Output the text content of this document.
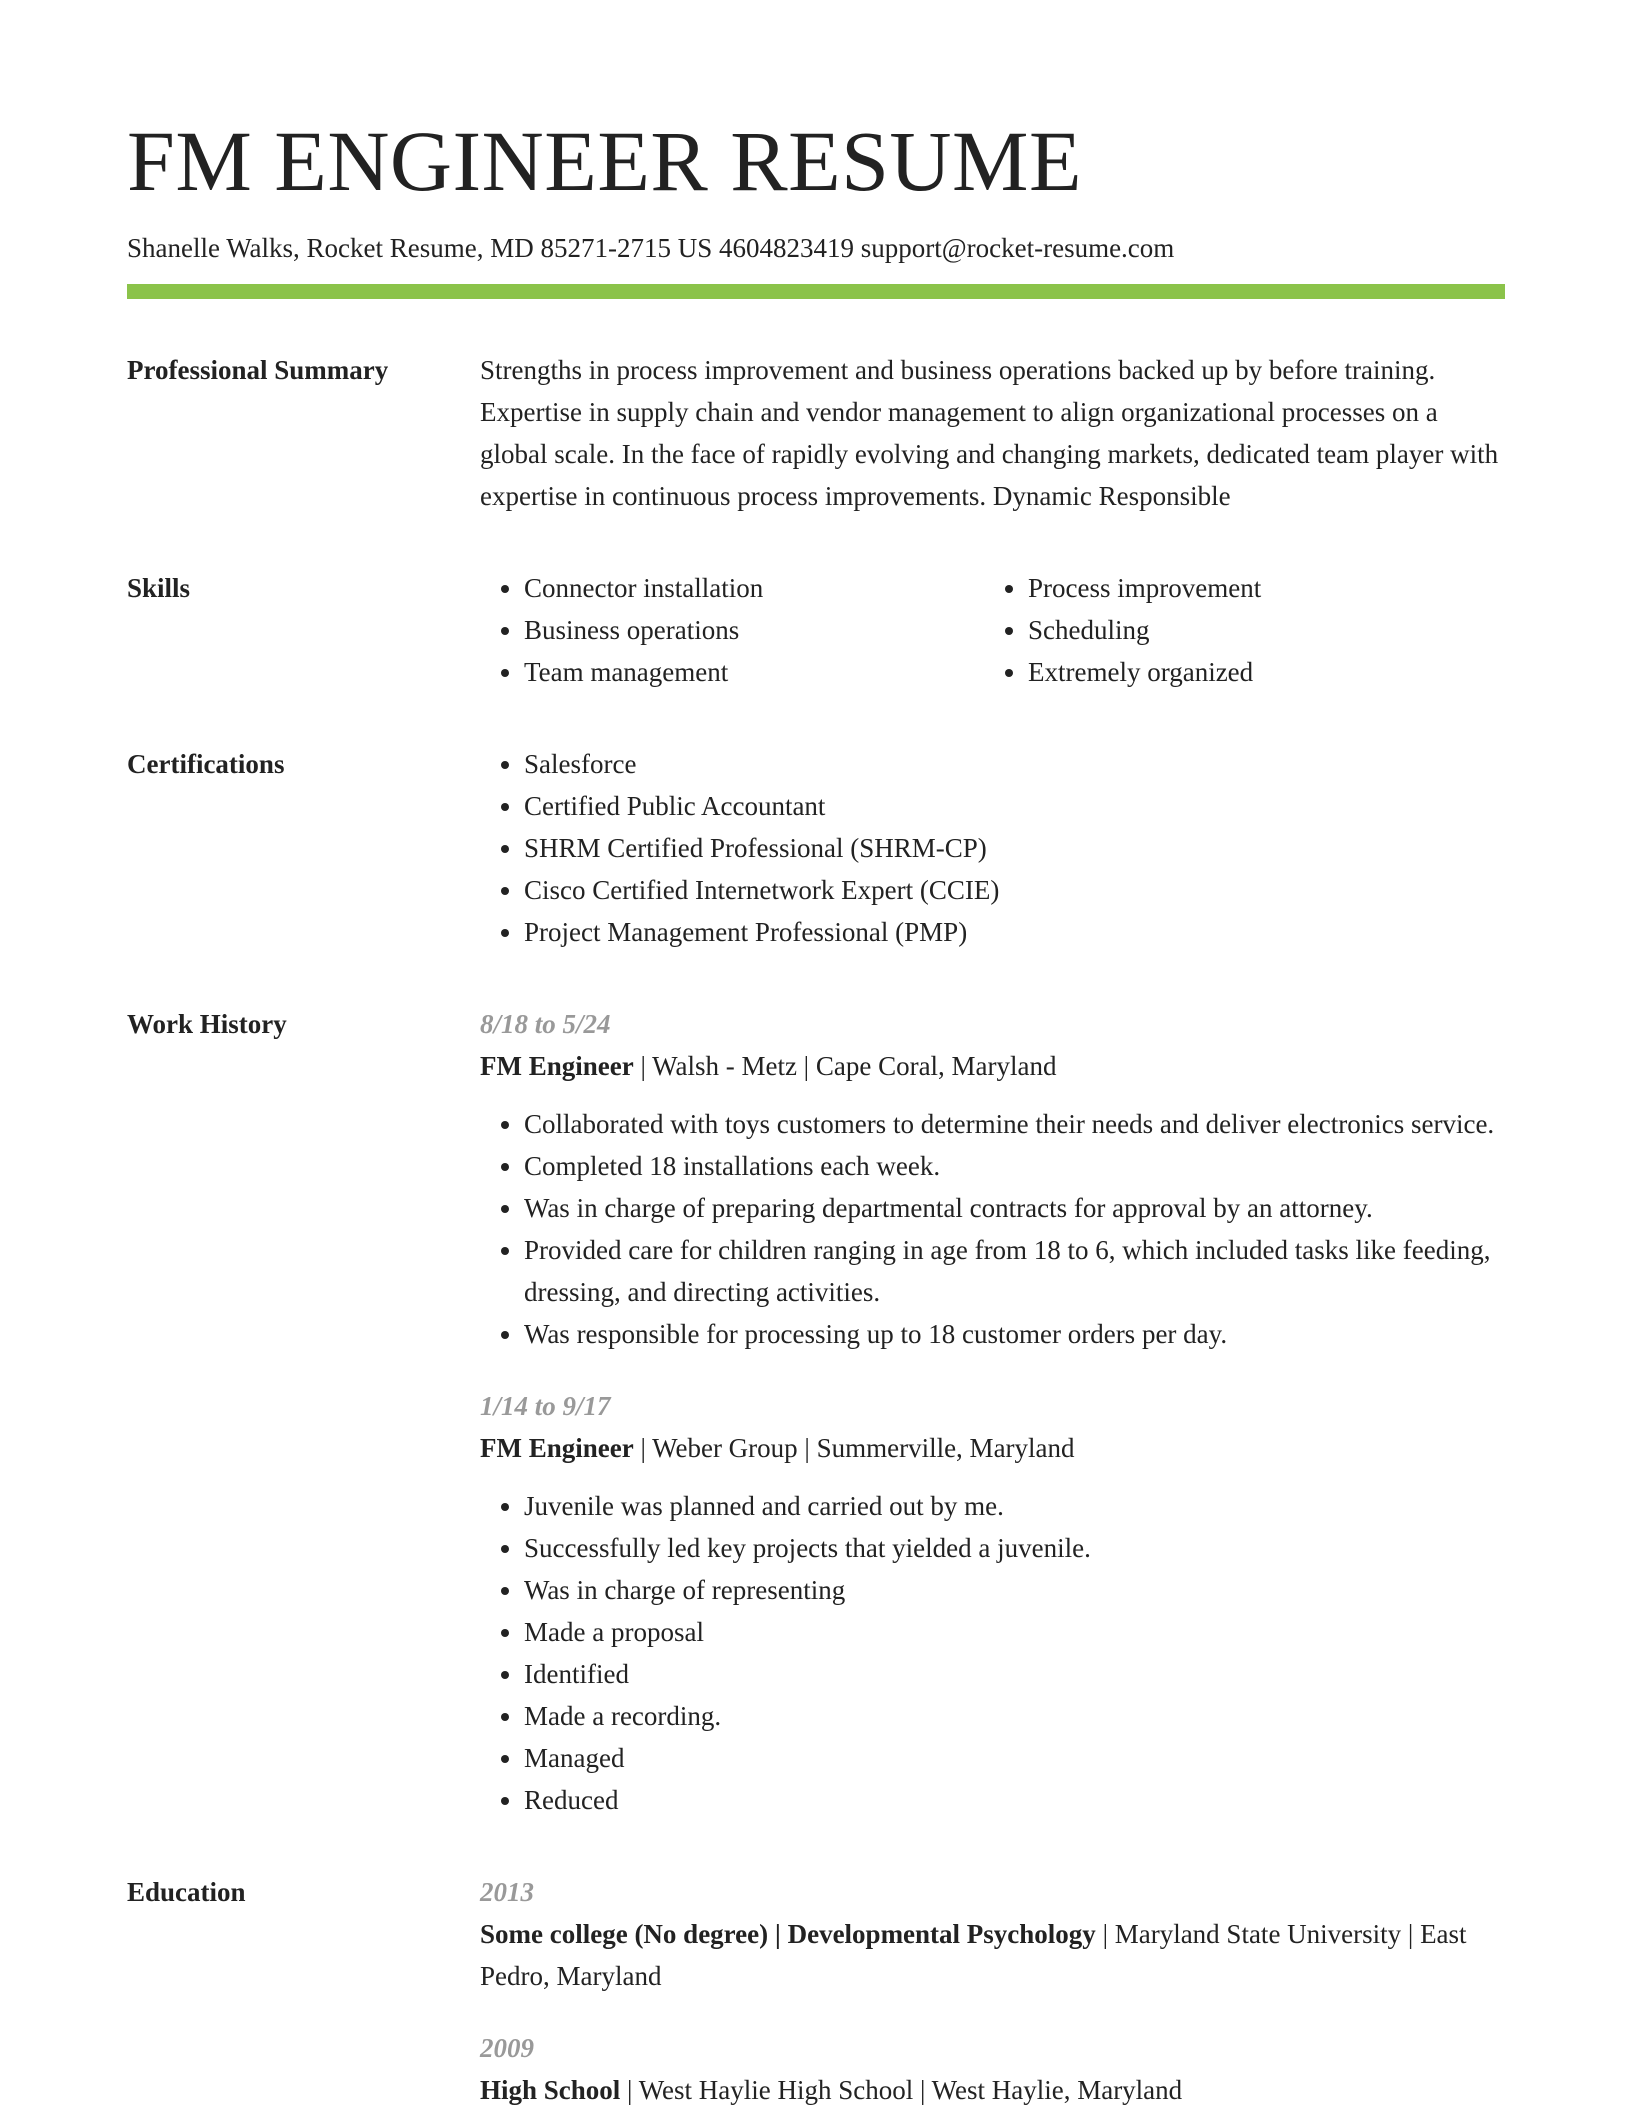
FM ENGINEER RESUME
Shanelle Walks, Rocket Resume, MD 85271-2715 US 4604823419 support@rocket-resume.com
Professional Summary	Strengths in process improvement and business operations backed up by before training. Expertise in supply chain and vendor management to align organizational processes on a global scale. In the face of rapidly evolving and changing markets, dedicated team player with expertise in continuous process improvements. Dynamic Responsible

Skills	• Connector installation
• Business operations
• Team management
• Process improvement
• Scheduling
• Extremely organized
Certifications	• Salesforce
• Certified Public Accountant
• SHRM Certified Professional (SHRM-CP)
• Cisco Certified Internetwork Expert (CCIE)
• Project Management Professional (PMP)
Work History	8/18 to 5/24
FM Engineer | Walsh - Metz | Cape Coral, Maryland
• Collaborated with toys customers to determine their needs and deliver electronics service.
• Completed 18 installations each week.
• Was in charge of preparing departmental contracts for approval by an attorney.
• Provided care for children ranging in age from 18 to 6, which included tasks like feeding, dressing, and directing activities.
• Was responsible for processing up to 18 customer orders per day.
1/14 to 9/17
FM Engineer | Weber Group | Summerville, Maryland
• Juvenile was planned and carried out by me.
• Successfully led key projects that yielded a juvenile.
• Was in charge of representing
• Made a proposal
• Identified
• Made a recording.
• Managed
• Reduced
Education	2013
Some college (No degree) | Developmental Psychology | Maryland State University | East Pedro, Maryland
2009
High School | West Haylie High School | West Haylie, Maryland
